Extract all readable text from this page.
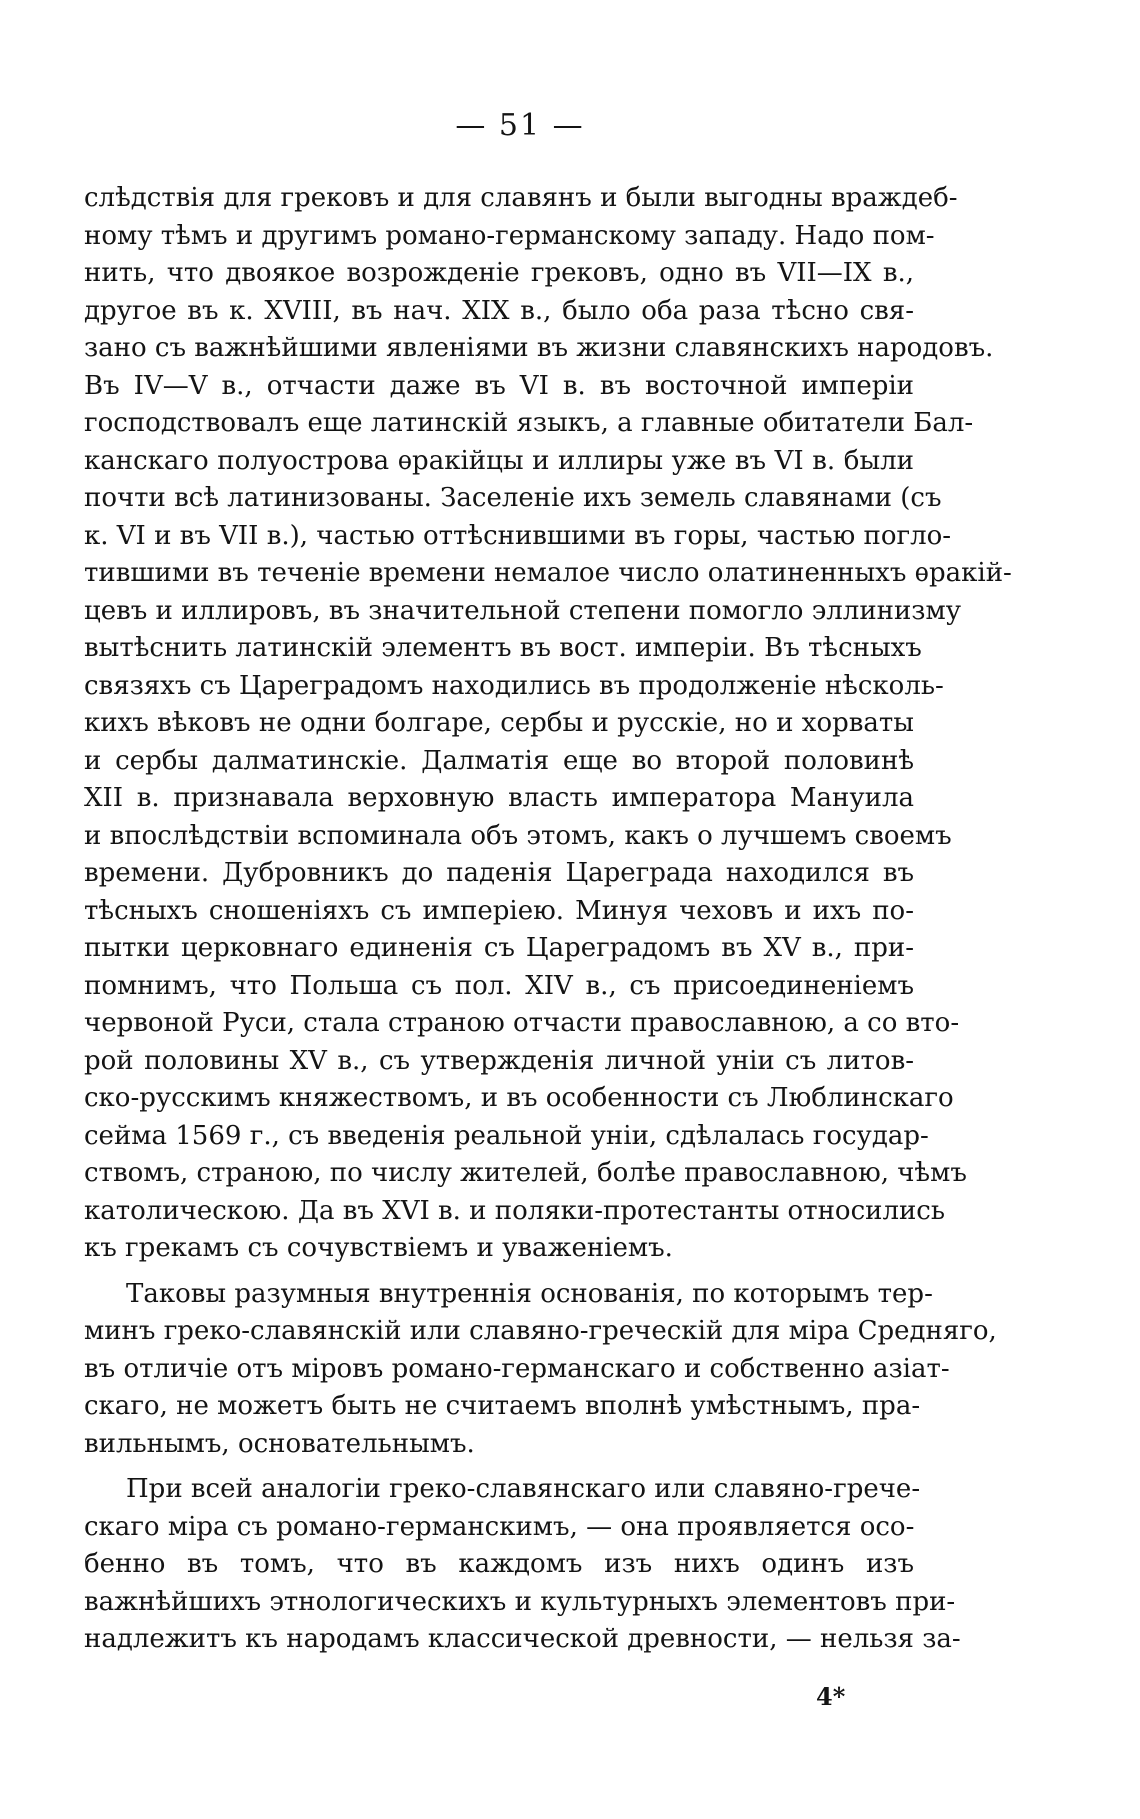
— 51 —
слѣдствія для грековъ и для славянъ и были выгодны враждеб-
ному тѣмъ и другимъ романо-германскому западу. Надо пом-
нить, что двоякое возрожденіе грековъ, одно въ VII—IX в.,
другое въ к. XVIII, въ нач. XIX в., было оба раза тѣсно свя-
зано съ важнѣйшими явленіями въ жизни славянскихъ народовъ.
Въ IV—V в., отчасти даже въ VI в. въ восточной имперіи
господствовалъ еще латинскій языкъ, а главные обитатели Бал-
канскаго полуострова ѳракійцы и иллиры уже въ VI в. были
почти всѣ латинизованы. Заселеніе ихъ земель славянами (съ
к. VI и въ VII в.), частью оттѣснившими въ горы, частью погло-
тившими въ теченіе времени немалое число олатиненныхъ ѳракій-
цевъ и иллировъ, въ значительной степени помогло эллинизму
вытѣснить латинскій элементъ въ вост. имперіи. Въ тѣсныхъ
связяхъ съ Цареградомъ находились въ продолженіе нѣсколь-
кихъ вѣковъ не одни болгаре, сербы и русскіе, но и хорваты
и сербы далматинскіе. Далматія еще во второй половинѣ
XII в. признавала верховную власть императора Мануила
и впослѣдствіи вспоминала объ этомъ, какъ о лучшемъ своемъ
времени. Дубровникъ до паденія Цареграда находился въ
тѣсныхъ сношеніяхъ съ имперіею. Минуя чеховъ и ихъ по-
пытки церковнаго единенія съ Цареградомъ въ XV в., при-
помнимъ, что Польша съ пол. XIV в., съ присоединеніемъ
червоной Руси, стала страною отчасти православною, а со вто-
рой половины XV в., съ утвержденія личной уніи съ литов-
ско-русскимъ княжествомъ, и въ особенности съ Люблинскаго
сейма 1569 г., съ введенія реальной уніи, сдѣлалась государ-
ствомъ, страною, по числу жителей, болѣе православною, чѣмъ
католическою. Да въ XVI в. и поляки-протестанты относились
къ грекамъ съ сочувствіемъ и уваженіемъ.
Таковы разумныя внутреннія основанія, по которымъ тер-
минъ греко-славянскій или славяно-греческій для міра Средняго,
въ отличіе отъ міровъ романо-германскаго и собственно азіат-
скаго, не можетъ быть не считаемъ вполнѣ умѣстнымъ, пра-
вильнымъ, основательнымъ.
При всей аналогіи греко-славянскаго или славяно-грече-
скаго міра съ романо-германскимъ, — она проявляется осо-
бенно въ томъ, что въ каждомъ изъ нихъ одинъ изъ
важнѣйшихъ этнологическихъ и культурныхъ элементовъ при-
надлежитъ къ народамъ классической древности, — нельзя за-
4*
